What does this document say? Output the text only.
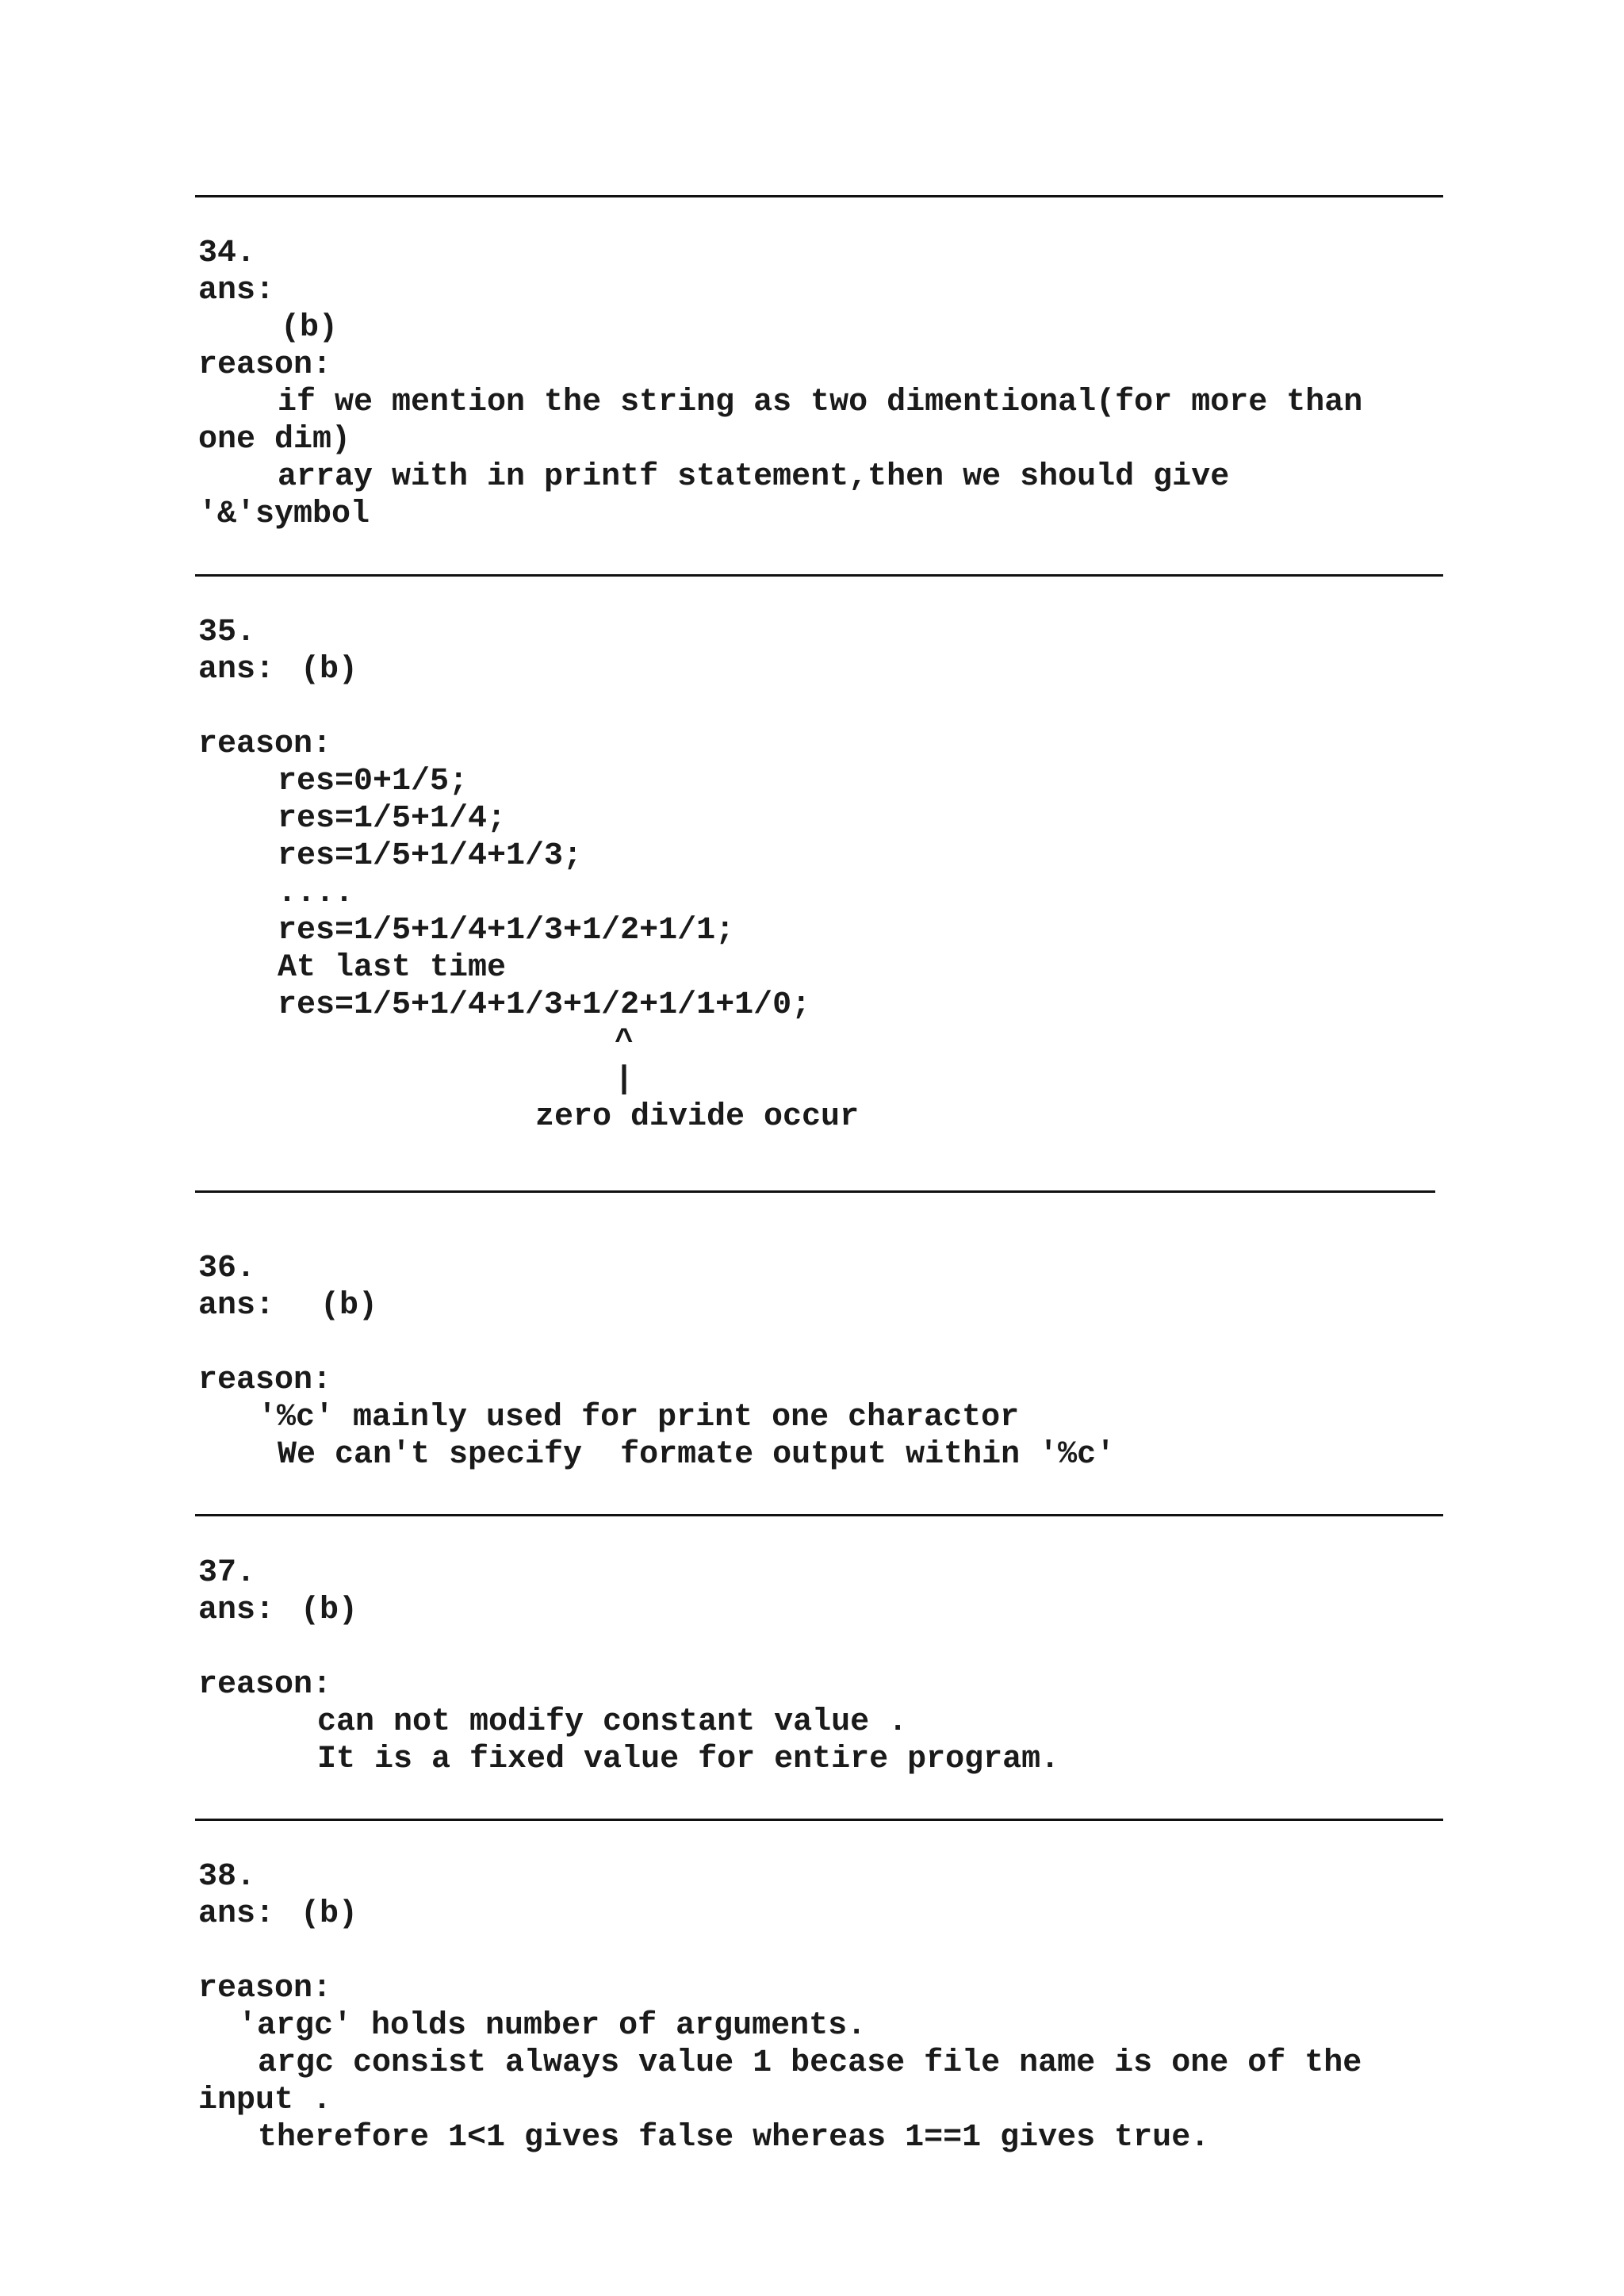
34.
ans:
(b)
reason:
if we mention the string as two dimentional(for more than
one dim)
array with in printf statement,then we should give
'&'symbol
35.
ans: (b)
reason:
res=0+1/5;
res=1/5+1/4;
res=1/5+1/4+1/3;
....
res=1/5+1/4+1/3+1/2+1/1;
At last time
res=1/5+1/4+1/3+1/2+1/1+1/0;
^
|
zero divide occur
36.
ans: (b)
reason:
'%c' mainly used for print one charactor
We can't specify  formate output within '%c'
37.
ans: (b)
reason:
can not modify constant value .
It is a fixed value for entire program.
38.
ans: (b)
reason:
'argc' holds number of arguments.
argc consist always value 1 becase file name is one of the
input .
therefore 1<1 gives false whereas 1==1 gives true.
